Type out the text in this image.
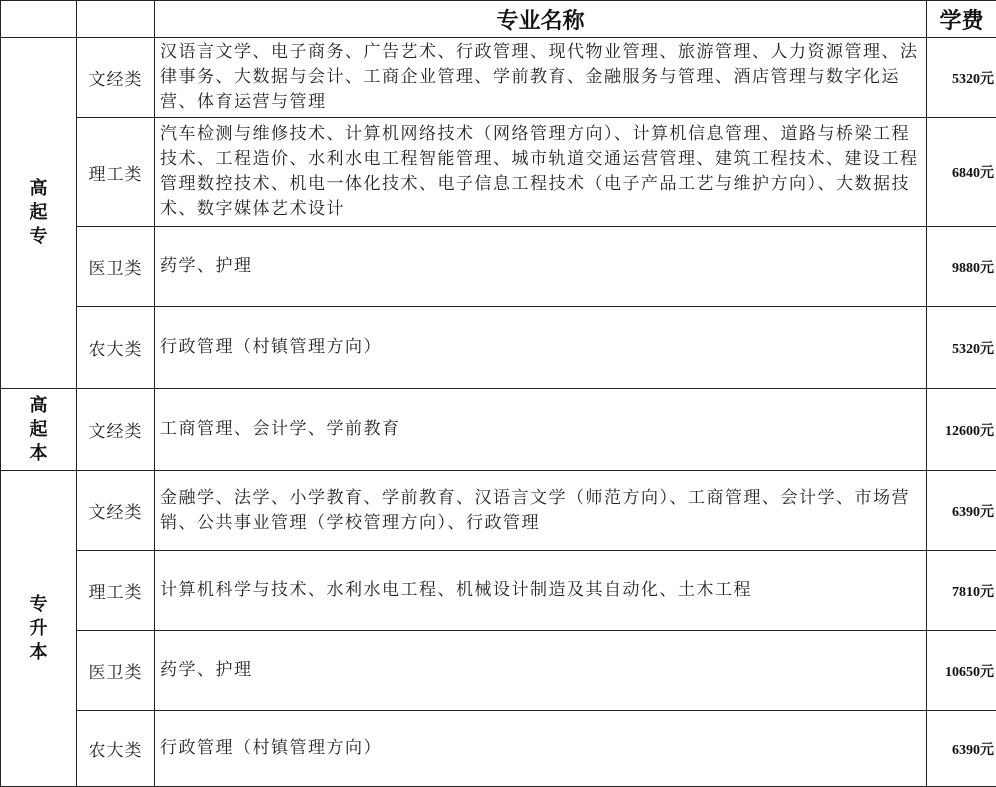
		专业名称	学费

高
起
专	文经类	汉语言文学、电子商务、广告艺术、行政管理、现代物业管理、旅游管理、人力资源管理、法律事务、大数据与会计、工商企业管理、学前教育、金融服务与管理、酒店管理与数字化运营、体育运营与管理	5320元
	理工类	汽车检测与维修技术、计算机网络技术（网络管理方向）、计算机信息管理、道路与桥梁工程技术、工程造价、水利水电工程智能管理、城市轨道交通运营管理、建筑工程技术、建设工程管理数控技术、机电一体化技术、电子信息工程技术（电子产品工艺与维护方向）、大数据技术、数字媒体艺术设计	6840元
	医卫类	药学、护理	9880元
	农大类	行政管理（村镇管理方向）	5320元

高
起
本	文经类	工商管理、会计学、学前教育	12600元

专
升
本	文经类	金融学、法学、小学教育、学前教育、汉语言文学（师范方向）、工商管理、会计学、市场营销、公共事业管理（学校管理方向）、行政管理	6390元
	理工类	计算机科学与技术、水利水电工程、机械设计制造及其自动化、土木工程	7810元
	医卫类	药学、护理	10650元
	农大类	行政管理（村镇管理方向）	6390元
